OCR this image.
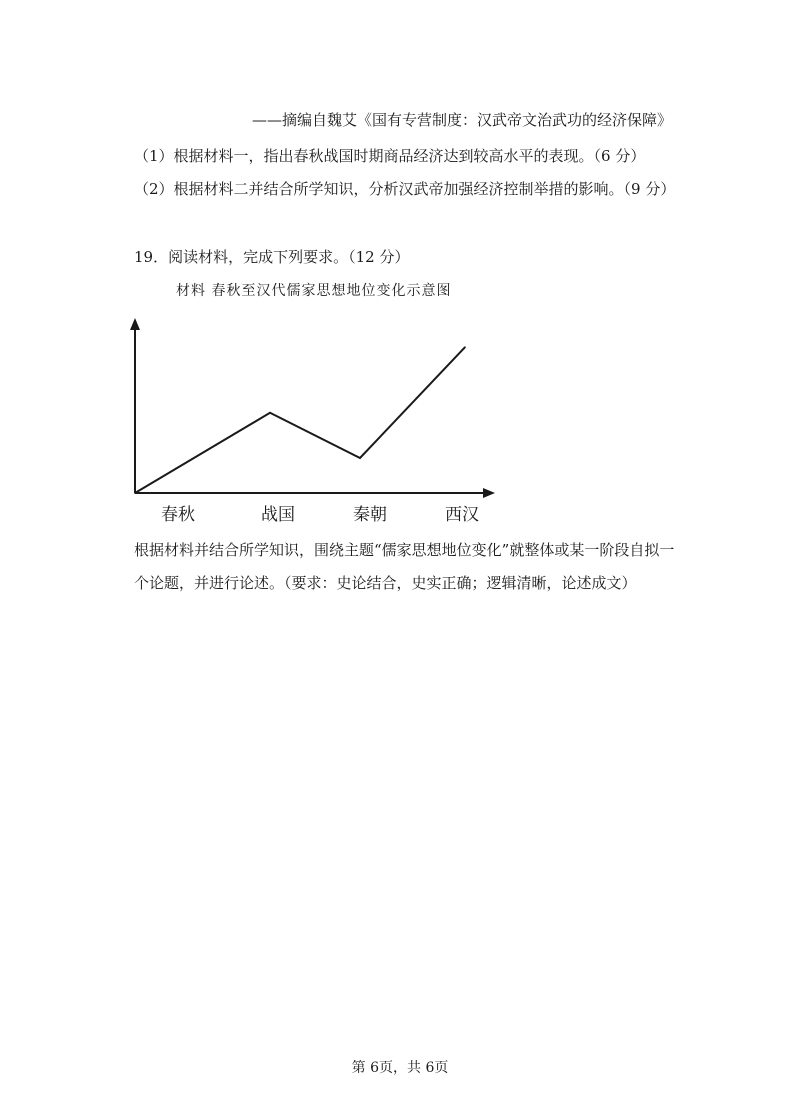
——摘编自魏艾《国有专营制度：汉武帝文治武功的经济保障》
（1）根据材料一，指出春秋战国时期商品经济达到较高水平的表现。（6 分）
（2）根据材料二并结合所学知识，分析汉武帝加强经济控制举措的影响。（9 分）
19．阅读材料，完成下列要求。（12 分）
材料 春秋至汉代儒家思想地位变化示意图
春秋	战国	秦朝	西汉
根据材料并结合所学知识，围绕主题“儒家思想地位变化”就整体或某一阶段自拟一
个论题，并进行论述。（要求：史论结合，史实正确；逻辑清晰，论述成文）
第 6页，共 6页
